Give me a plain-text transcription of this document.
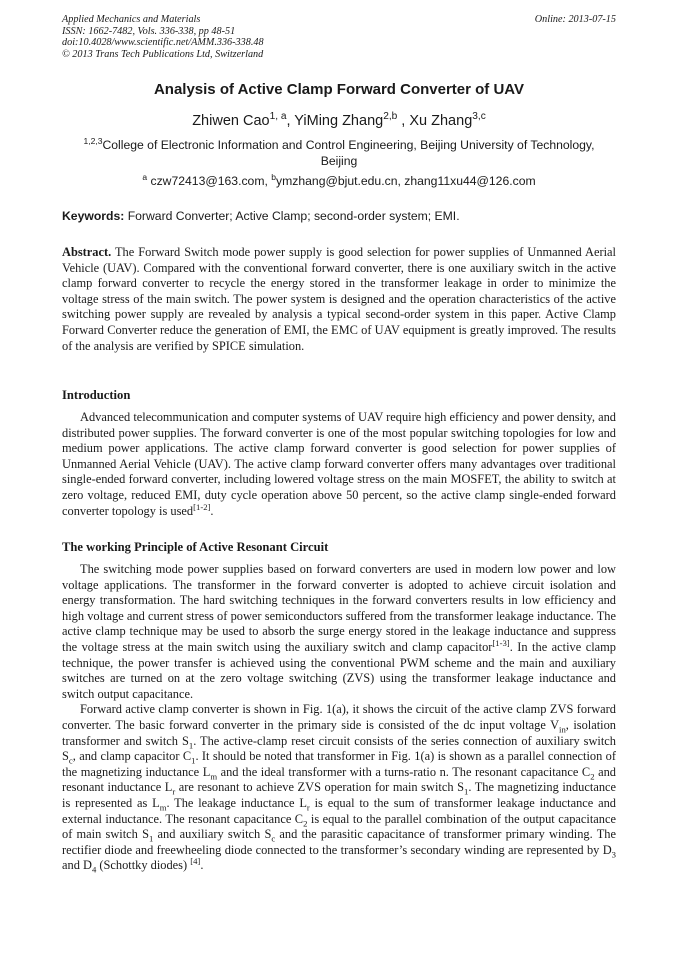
Applied Mechanics and Materials
ISSN: 1662-7482, Vols. 336-338, pp 48-51
doi:10.4028/www.scientific.net/AMM.336-338.48
© 2013 Trans Tech Publications Ltd, Switzerland
Online: 2013-07-15
Analysis of Active Clamp Forward Converter of UAV
Zhiwen Cao$^{1, a}$, YiMing Zhang$^{2,b}$ , Xu Zhang$^{3,c}$
$^{1,2,3}$College of Electronic Information and Control Engineering, Beijing University of Technology,
Beijing
$^a$ czw72413@163.com, $^b$ymzhang@bjut.edu.cn, zhang11xu44@126.com
Keywords: Forward Converter; Active Clamp; second-order system; EMI.

Abstract. The Forward Switch mode power supply is good selection for power supplies of Unmanned Aerial Vehicle (UAV). Compared with the conventional forward converter, there is one auxiliary switch in the active clamp forward converter to recycle the energy stored in the transformer leakage in order to minimize the voltage stress of the main switch. The power system is designed and the operation characteristics of the active switching power supply are revealed by analysis a typical second-order system in this paper. Active Clamp Forward Converter reduce the generation of EMI, the EMC of UAV equipment is greatly improved. The results of the analysis are verified by SPICE simulation.

Introduction

Advanced telecommunication and computer systems of UAV require high efficiency and power density, and distributed power supplies. The forward converter is one of the most popular switching topologies for low and medium power applications. The active clamp forward converter is good selection for power supplies of Unmanned Aerial Vehicle (UAV). The active clamp forward converter offers many advantages over traditional single-ended forward converter, including lowered voltage stress on the main MOSFET, the ability to switch at zero voltage, reduced EMI, duty cycle operation above 50 percent, so the active clamp single-ended forward converter topology is used[1-2].

The working Principle of Active Resonant Circuit

The switching mode power supplies based on forward converters are used in modern low power and low voltage applications. The transformer in the forward converter is adopted to achieve circuit isolation and energy transformation. The hard switching techniques in the forward converters results in low efficiency and high voltage and current stress of power semiconductors suffered from the transformer leakage inductance. The active clamp technique may be used to absorb the surge energy stored in the leakage inductance and suppress the voltage stress at the main switch using the auxiliary switch and clamp capacitor[1-3]. In the active clamp technique, the power transfer is achieved using the conventional PWM scheme and the main and auxiliary switches are turned on at the zero voltage switching (ZVS) using the transformer leakage inductance and switch output capacitance.

Forward active clamp converter is shown in Fig. 1(a), it shows the circuit of the active clamp ZVS forward converter. The basic forward converter in the primary side is consisted of the dc input voltage $V_{in}$, isolation transformer and switch $S_1$. The active-clamp reset circuit consists of the series connection of auxiliary switch $S_c$, and clamp capacitor $C_1$. It should be noted that transformer in Fig. 1(a) is shown as a parallel connection of the magnetizing inductance $L_m$ and the ideal transformer with a turns-ratio n. The resonant capacitance $C_2$ and resonant inductance $L_r$ are resonant to achieve ZVS operation for main switch $S_1$. The magnetizing inductance is represented as $L_m$. The leakage inductance $L_r$ is equal to the sum of transformer leakage inductance and external inductance. The resonant capacitance $C_2$ is equal to the parallel combination of the output capacitance of main switch $S_1$ and auxiliary switch $S_c$ and the parasitic capacitance of transformer primary winding. The rectifier diode and freewheeling diode connected to the transformer’s secondary winding are represented by $D_3$ and $D_4$ (Schottky diodes) [4].
